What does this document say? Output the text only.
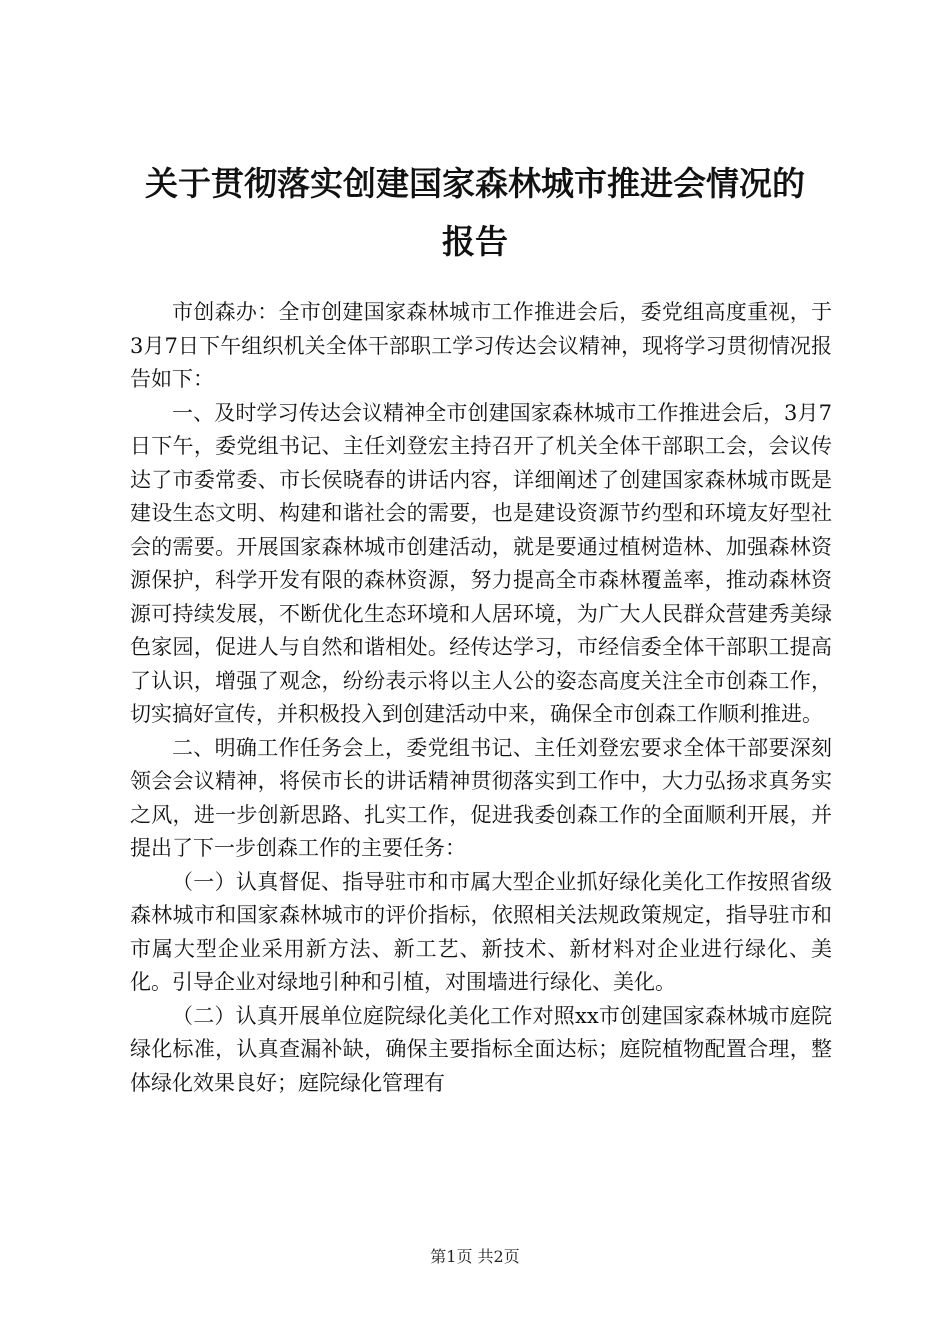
关于贯彻落实创建国家森林城市推进会情况的
报告

市创森办：全市创建国家森林城市工作推进会后，委党组高度重视，于3月7日下午组织机关全体干部职工学习传达会议精神，现将学习贯彻情况报告如下：

一、及时学习传达会议精神全市创建国家森林城市工作推进会后，3月7日下午，委党组书记、主任刘登宏主持召开了机关全体干部职工会，会议传达了市委常委、市长侯晓春的讲话内容，详细阐述了创建国家森林城市既是建设生态文明、构建和谐社会的需要，也是建设资源节约型和环境友好型社会的需要。开展国家森林城市创建活动，就是要通过植树造林、加强森林资源保护，科学开发有限的森林资源，努力提高全市森林覆盖率，推动森林资源可持续发展，不断优化生态环境和人居环境，为广大人民群众营建秀美绿色家园，促进人与自然和谐相处。经传达学习，市经信委全体干部职工提高了认识，增强了观念，纷纷表示将以主人公的姿态高度关注全市创森工作，切实搞好宣传，并积极投入到创建活动中来，确保全市创森工作顺利推进。

二、明确工作任务会上，委党组书记、主任刘登宏要求全体干部要深刻领会会议精神，将侯市长的讲话精神贯彻落实到工作中，大力弘扬求真务实之风，进一步创新思路、扎实工作，促进我委创森工作的全面顺利开展，并提出了下一步创森工作的主要任务：

（一）认真督促、指导驻市和市属大型企业抓好绿化美化工作按照省级森林城市和国家森林城市的评价指标，依照相关法规政策规定，指导驻市和市属大型企业采用新方法、新工艺、新技术、新材料对企业进行绿化、美化。引导企业对绿地引种和引植，对围墙进行绿化、美化。

（二）认真开展单位庭院绿化美化工作对照xx市创建国家森林城市庭院绿化标准，认真查漏补缺，确保主要指标全面达标；庭院植物配置合理，整体绿化效果良好；庭院绿化管理有

第1页 共2页
